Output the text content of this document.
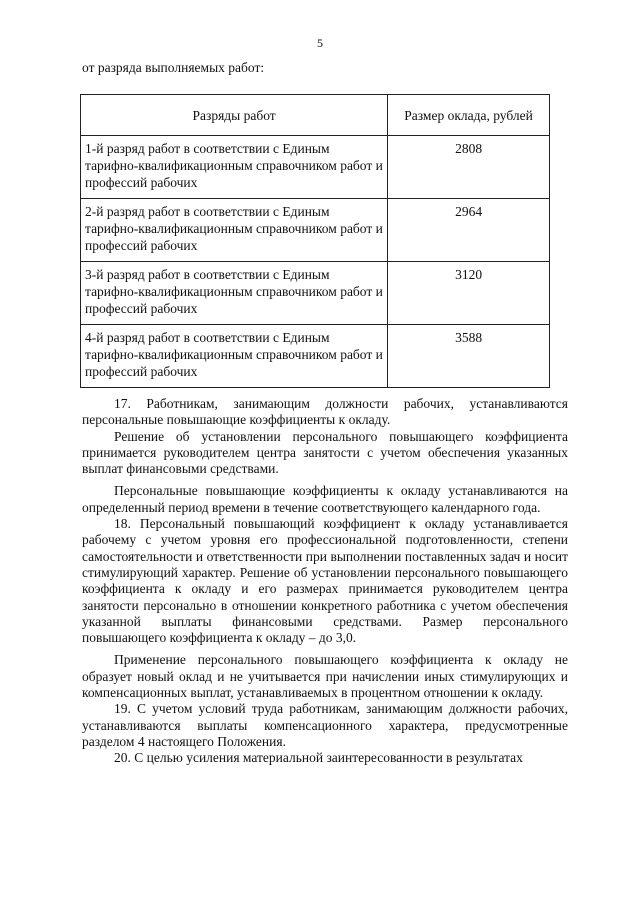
5
от разряда выполняемых работ:
Разряды работ	Размер оклада, рублей
1-й разряд работ в соответствии с Единым тарифно-квалификационным справочником работ и профессий рабочих	2808
2-й разряд работ в соответствии с Единым тарифно-квалификационным справочником работ и профессий рабочих	2964
3-й разряд работ в соответствии с Единым тарифно-квалификационным справочником работ и профессий рабочих	3120
4-й разряд работ в соответствии с Единым тарифно-квалификационным справочником работ и профессий рабочих	3588

17. Работникам, занимающим должности рабочих, устанавливаются персональные повышающие коэффициенты к окладу.

Решение об установлении персонального повышающего коэффициента принимается руководителем центра занятости с учетом обеспечения указанных выплат финансовыми средствами.

Персональные повышающие коэффициенты к окладу устанавливаются на определенный период времени в течение соответствующего календарного года.

18. Персональный повышающий коэффициент к окладу устанавливается рабочему с учетом уровня его профессиональной подготовленности, степени самостоятельности и ответственности при выполнении поставленных задач и носит стимулирующий характер. Решение об установлении персонального повышающего коэффициента к окладу и его размерах принимается руководителем центра занятости персонально в отношении конкретного работника с учетом обеспечения указанной выплаты финансовыми средствами. Размер персонального повышающего коэффициента к окладу – до 3,0.

Применение персонального повышающего коэффициента к окладу не образует новый оклад и не учитывается при начислении иных стимулирующих и компенсационных выплат, устанавливаемых в процентном отношении к окладу.

19. С учетом условий труда работникам, занимающим должности рабочих, устанавливаются выплаты компенсационного характера, предусмотренные разделом 4 настоящего Положения.

20. С целью усиления материальной заинтересованности в результатах
